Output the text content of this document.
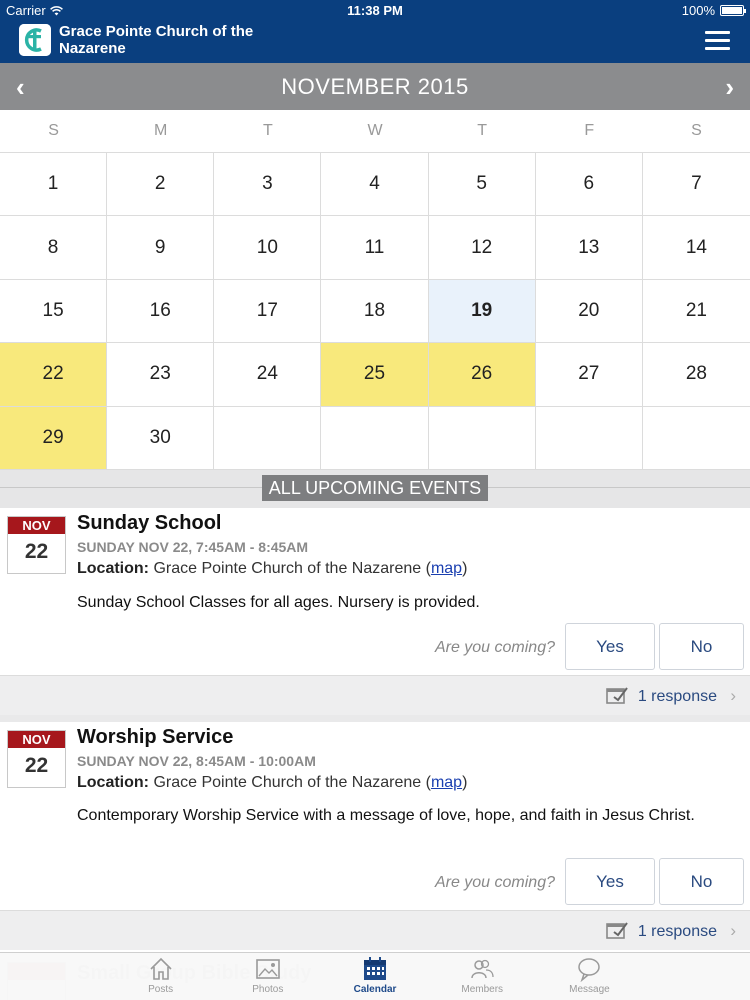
Carrier	11:38 PM	100%
Grace Pointe Church of the Nazarene
‹	NOVEMBER 2015	›
S	M	T	W	T	F	S
1	2	3	4	5	6	7
8	9	10	11	12	13	14
15	16	17	18	19	20	21
22	23	24	25	26	27	28
29	30
ALL UPCOMING EVENTS
NOV
22
Sunday School
SUNDAY NOV 22, 7:45AM - 8:45AM
Location: Grace Pointe Church of the Nazarene (map)
Sunday School Classes for all ages. Nursery is provided.
Are you coming?	Yes	No
1 response ›
NOV
22
Worship Service
SUNDAY NOV 22, 8:45AM - 10:00AM
Location: Grace Pointe Church of the Nazarene (map)
Contemporary Worship Service with a message of love, hope, and faith in Jesus Christ.
Are you coming?	Yes	No
1 response ›
Posts	Photos	Calendar	Members	Message
